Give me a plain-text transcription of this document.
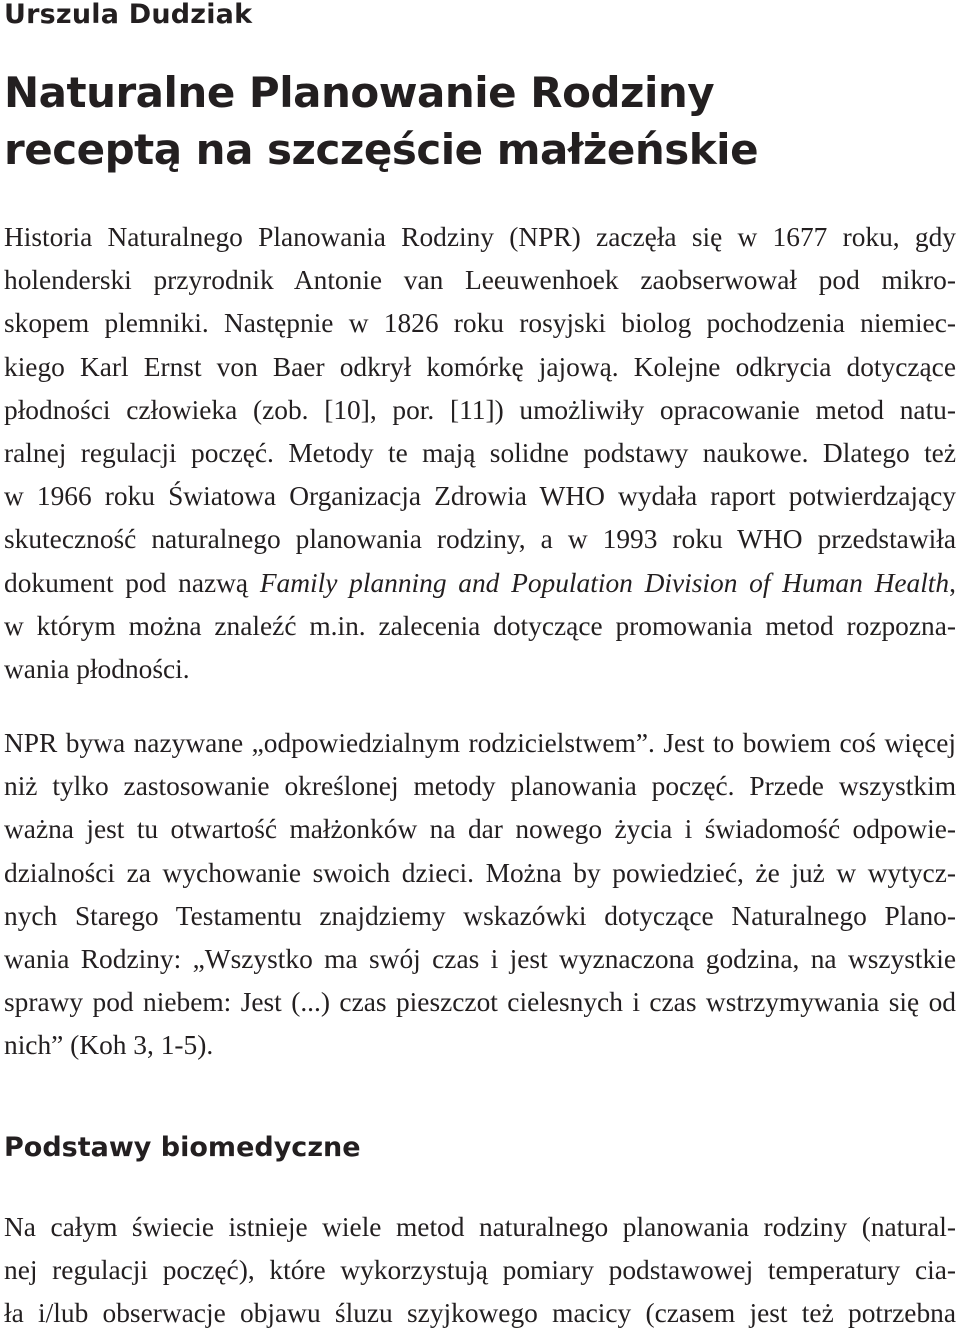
Urszula Dudziak
Naturalne Planowanie Rodziny
receptą na szczęście małżeńskie
Historia Naturalnego Planowania Rodziny (NPR) zaczęła się w 1677 roku, gdy
holenderski przyrodnik Antonie van Leeuwenhoek zaobserwował pod mikro-
skopem plemniki. Następnie w 1826 roku rosyjski biolog pochodzenia niemiec-
kiego Karl Ernst von Baer odkrył komórkę jajową. Kolejne odkrycia dotyczące
płodności człowieka (zob. [10], por. [11]) umożliwiły opracowanie metod natu-
ralnej regulacji poczęć. Metody te mają solidne podstawy naukowe. Dlatego też
w 1966 roku Światowa Organizacja Zdrowia WHO wydała raport potwierdzający
skuteczność naturalnego planowania rodziny, a w 1993 roku WHO przedstawiła
dokument pod nazwą Family planning and Population Division of Human Health,
w którym można znaleźć m.in. zalecenia dotyczące promowania metod rozpozna-
wania płodności.
NPR bywa nazywane „odpowiedzialnym rodzicielstwem”. Jest to bowiem coś więcej
niż tylko zastosowanie określonej metody planowania poczęć. Przede wszystkim
ważna jest tu otwartość małżonków na dar nowego życia i świadomość odpowie-
dzialności za wychowanie swoich dzieci. Można by powiedzieć, że już w wytycz-
nych Starego Testamentu znajdziemy wskazówki dotyczące Naturalnego Plano-
wania Rodziny: „Wszystko ma swój czas i jest wyznaczona godzina, na wszystkie
sprawy pod niebem: Jest (...) czas pieszczot cielesnych i czas wstrzymywania się od
nich” (Koh 3, 1-5).
Podstawy biomedyczne
Na całym świecie istnieje wiele metod naturalnego planowania rodziny (natural-
nej regulacji poczęć), które wykorzystują pomiary podstawowej temperatury cia-
ła i/lub obserwacje objawu śluzu szyjkowego macicy (czasem jest też potrzebna
